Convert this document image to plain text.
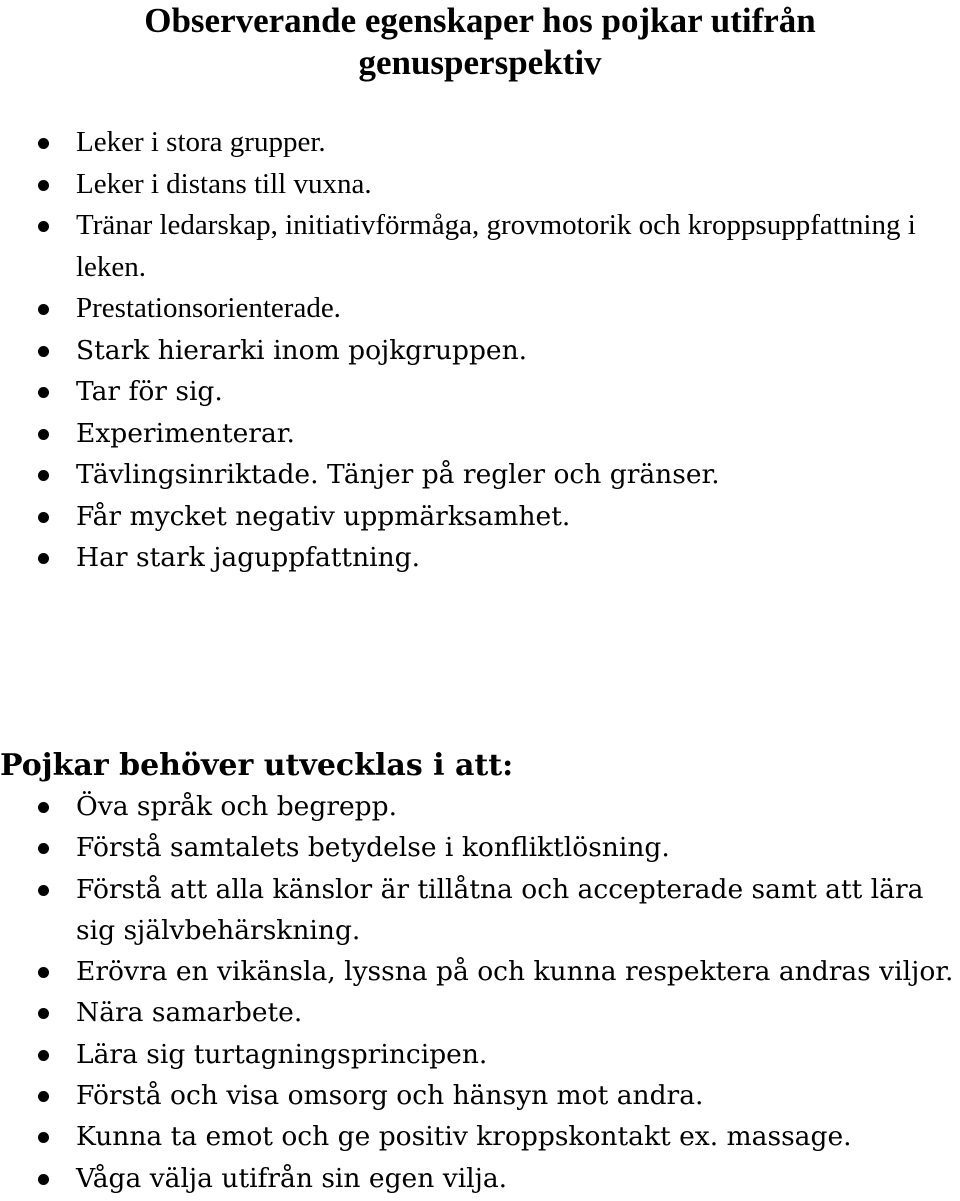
Observerande egenskaper hos pojkar utifrån
genusperspektiv
Leker i stora grupper.
Leker i distans till vuxna.
Tränar ledarskap, initiativförmåga, grovmotorik och kroppsuppfattning i leken.
Prestationsorienterade.
Stark hierarki inom pojkgruppen.
Tar för sig.
Experimenterar.
Tävlingsinriktade. Tänjer på regler och gränser.
Får mycket negativ uppmärksamhet.
Har stark jaguppfattning.
Pojkar behöver utvecklas i att:
Öva språk och begrepp.
Förstå samtalets betydelse i konfliktlösning.
Förstå att alla känslor är tillåtna och accepterade samt att lära sig självbehärskning.
Erövra en vikänsla, lyssna på och kunna respektera andras viljor.
Nära samarbete.
Lära sig turtagningsprincipen.
Förstå och visa omsorg och hänsyn mot andra.
Kunna ta emot och ge positiv kroppskontakt ex. massage.
Våga välja utifrån sin egen vilja.
